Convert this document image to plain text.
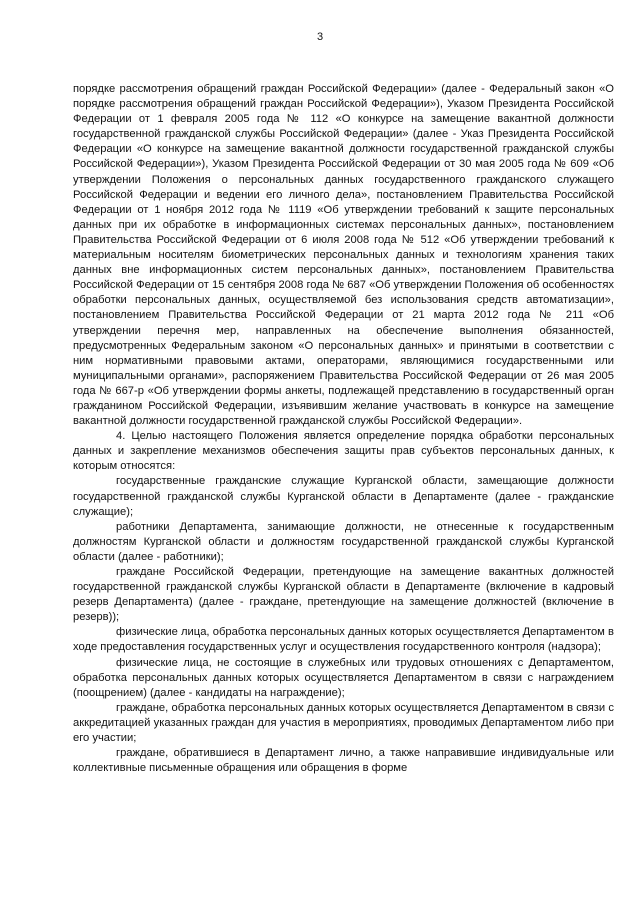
3

порядке рассмотрения обращений граждан Российской Федерации» (далее - Федеральный закон «О порядке рассмотрения обращений граждан Российской Федерации»), Указом Президента Российской Федерации от 1 февраля 2005 года № 112 «О конкурсе на замещение вакантной должности государственной гражданской службы Российской Федерации» (далее - Указ Президента Российской Федерации «О конкурсе на замещение вакантной должности государственной гражданской службы Российской Федерации»), Указом Президента Российской Федерации от 30 мая 2005 года № 609 «Об утверждении Положения о персональных данных государственного гражданского служащего Российской Федерации и ведении его личного дела», постановлением Правительства Российской Федерации от 1 ноября 2012 года № 1119 «Об утверждении требований к защите персональных данных при их обработке в информационных системах персональных данных», постановлением Правительства Российской Федерации от 6 июля 2008 года № 512 «Об утверждении требований к материальным носителям биометрических персональных данных и технологиям хранения таких данных вне информационных систем персональных данных», постановлением Правительства Российской Федерации от 15 сентября 2008 года № 687 «Об утверждении Положения об особенностях обработки персональных данных, осуществляемой без использования средств автоматизации», постановлением Правительства Российской Федерации от 21 марта 2012 года № 211 «Об утверждении перечня мер, направленных на обеспечение выполнения обязанностей, предусмотренных Федеральным законом «О персональных данных» и принятыми в соответствии с ним нормативными правовыми актами, операторами, являющимися государственными или муниципальными органами», распоряжением Правительства Российской Федерации от 26 мая 2005 года № 667-р «Об утверждении формы анкеты, подлежащей представлению в государственный орган гражданином Российской Федерации, изъявившим желание участвовать в конкурсе на замещение вакантной должности государственной гражданской службы Российской Федерации».

4. Целью настоящего Положения является определение порядка обработки персональных данных и закрепление механизмов обеспечения защиты прав субъектов персональных данных, к которым относятся:

государственные гражданские служащие Курганской области, замещающие должности государственной гражданской службы Курганской области в Департаменте (далее - гражданские служащие);

работники Департамента, занимающие должности, не отнесенные к государственным должностям Курганской области и должностям государственной гражданской службы Курганской области (далее - работники);

граждане Российской Федерации, претендующие на замещение вакантных должностей государственной гражданской службы Курганской области в Департаменте (включение в кадровый резерв Департамента) (далее - граждане, претендующие на замещение должностей (включение в резерв));

физические лица, обработка персональных данных которых осуществляется Департаментом в ходе предоставления государственных услуг и осуществления государственного контроля (надзора);

физические лица, не состоящие в служебных или трудовых отношениях с Департаментом, обработка персональных данных которых осуществляется Департаментом в связи с награждением (поощрением) (далее - кандидаты на награждение);

граждане, обработка персональных данных которых осуществляется Департаментом в связи с аккредитацией указанных граждан для участия в мероприятиях, проводимых Департаментом либо при его участии;

граждане, обратившиеся в Департамент лично, а также направившие индивидуальные или коллективные письменные обращения или обращения в форме
